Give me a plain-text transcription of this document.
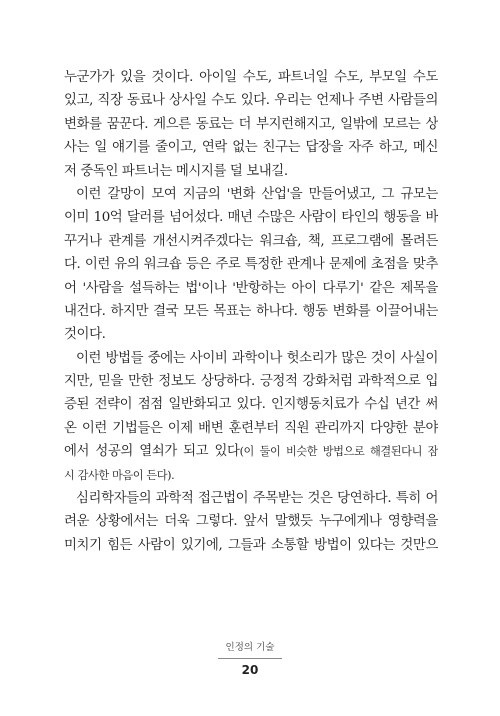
누군가가 있을 것이다. 아이일 수도, 파트너일 수도, 부모일 수도
있고, 직장 동료나 상사일 수도 있다. 우리는 언제나 주변 사람들의
변화를 꿈꾼다. 게으른 동료는 더 부지런해지고, 일밖에 모르는 상
사는 일 얘기를 줄이고, 연락 없는 친구는 답장을 자주 하고, 메신
저 중독인 파트너는 메시지를 덜 보내길.
이런 갈망이 모여 지금의 '변화 산업'을 만들어냈고, 그 규모는
이미 10억 달러를 넘어섰다. 매년 수많은 사람이 타인의 행동을 바
꾸거나 관계를 개선시켜주겠다는 워크숍, 책, 프로그램에 몰려든
다. 이런 유의 워크숍 등은 주로 특정한 관계나 문제에 초점을 맞추
어 '사람을 설득하는 법'이나 '반항하는 아이 다루기' 같은 제목을
내건다. 하지만 결국 모든 목표는 하나다. 행동 변화를 이끌어내는
것이다.
이런 방법들 중에는 사이비 과학이나 헛소리가 많은 것이 사실이
지만, 믿을 만한 정보도 상당하다. 긍정적 강화처럼 과학적으로 입
증된 전략이 점점 일반화되고 있다. 인지행동치료가 수십 년간 써
온 이런 기법들은 이제 배변 훈련부터 직원 관리까지 다양한 분야
에서 성공의 열쇠가 되고 있다(이 둘이 비슷한 방법으로 해결된다니 잠
시 감사한 마음이 든다).
심리학자들의 과학적 접근법이 주목받는 것은 당연하다. 특히 어
려운 상황에서는 더욱 그렇다. 앞서 말했듯 누구에게나 영향력을
미치기 힘든 사람이 있기에, 그들과 소통할 방법이 있다는 것만으
인정의 기술
20
